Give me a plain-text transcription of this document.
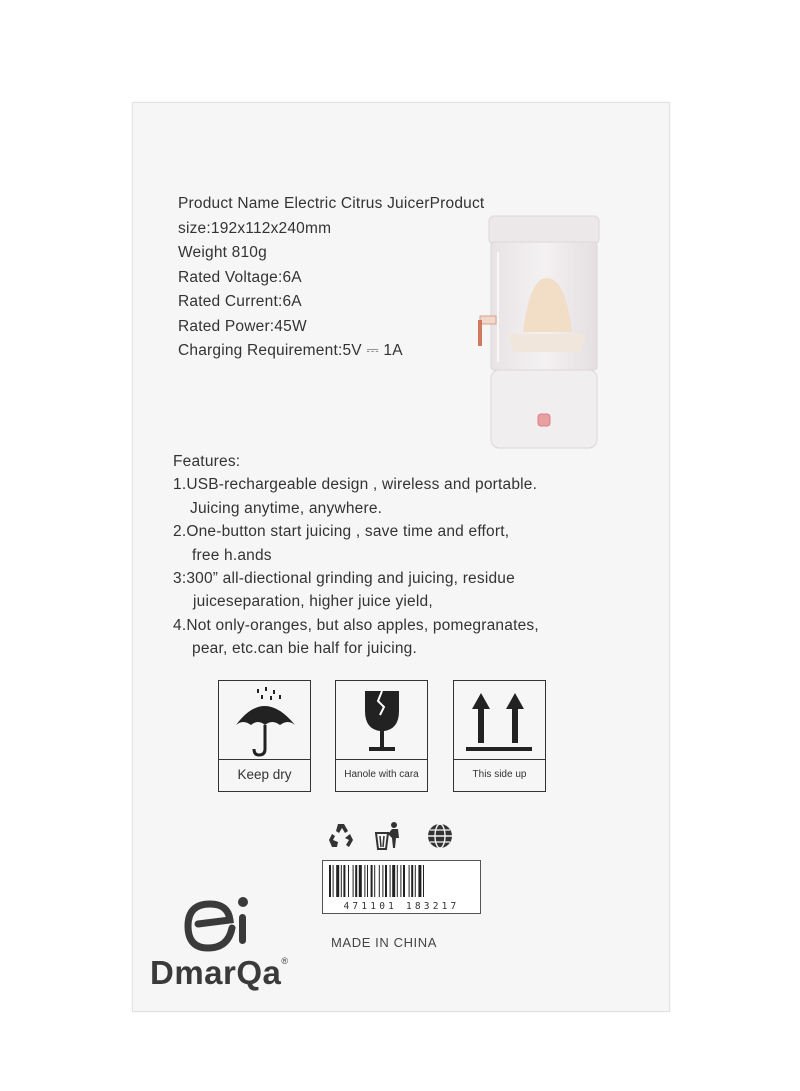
Product Name Electric Citrus JuicerProduct
size:192x112x240mm
Weight 810g
Rated Voltage:6A
Rated Current:6A
Rated Power:45W
Charging Requirement:5V ⎓ 1A
Features:
1.USB-rechargeable design , wireless and portable.
Juicing anytime, anywhere.
2.One-button start juicing , save time and effort,
free h.ands
3:300” all-diectional grinding and juicing, residue
juiceseparation, higher juice yield,
4.Not only-oranges, but also apples, pomegranates,
pear, etc.can bie half for juicing.
Keep dry	Hanole with cara	This side up
471101 183217
MADE IN CHINA
DmarQa®
